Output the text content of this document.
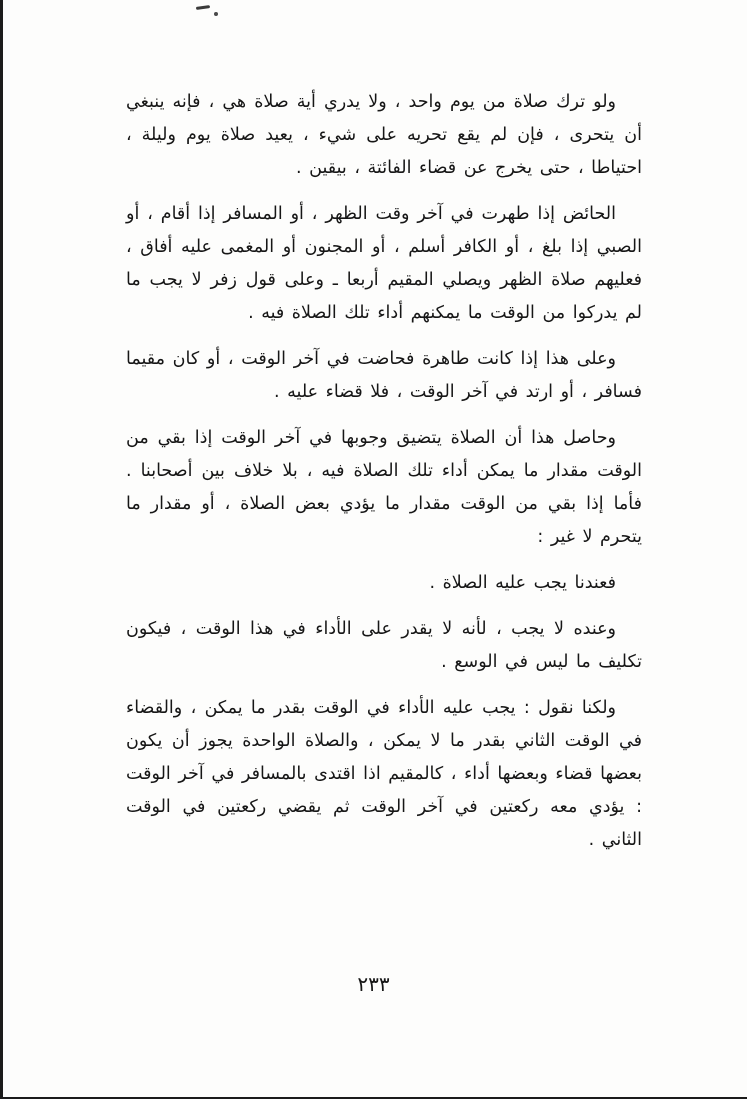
ولو ترك صلاة من يوم واحد ، ولا يدري أية صلاة هي ، فإنه ينبغي أن يتحرى ، فإن لم يقع تحريه على شيء ، يعيد صلاة يوم وليلة ، احتياطا ، حتى يخرج عن قضاء الفائتة ، بيقين .

الحائض إذا طهرت في آخر وقت الظهر ، أو المسافر إذا أقام ، أو الصبي إذا بلغ ، أو الكافر أسلم ، أو المجنون أو المغمى عليه أفاق ، فعليهم صلاة الظهر ويصلي المقيم أربعا ـ وعلى قول زفر لا يجب ما لم يدركوا من الوقت ما يمكنهم أداء تلك الصلاة فيه .

وعلى هذا إذا كانت طاهرة فحاضت في آخر الوقت ، أو كان مقيما فسافر ، أو ارتد في آخر الوقت ، فلا قضاء عليه .

وحاصل هذا أن الصلاة يتضيق وجوبها في آخر الوقت إذا بقي من الوقت مقدار ما يمكن أداء تلك الصلاة فيه ، بلا خلاف بين أصحابنا . فأما إذا بقي من الوقت مقدار ما يؤدي بعض الصلاة ، أو مقدار ما يتحرم لا غير :

فعندنا يجب عليه الصلاة .

وعنده لا يجب ، لأنه لا يقدر على الأداء في هذا الوقت ، فيكون تكليف ما ليس في الوسع .

ولكنا نقول : يجب عليه الأداء في الوقت بقدر ما يمكن ، والقضاء في الوقت الثاني بقدر ما لا يمكن ، والصلاة الواحدة يجوز أن يكون بعضها قضاء وبعضها أداء ، كالمقيم اذا اقتدى بالمسافر في آخر الوقت : يؤدي معه ركعتين في آخر الوقت ثم يقضي ركعتين في الوقت الثاني .

٢٣٣
